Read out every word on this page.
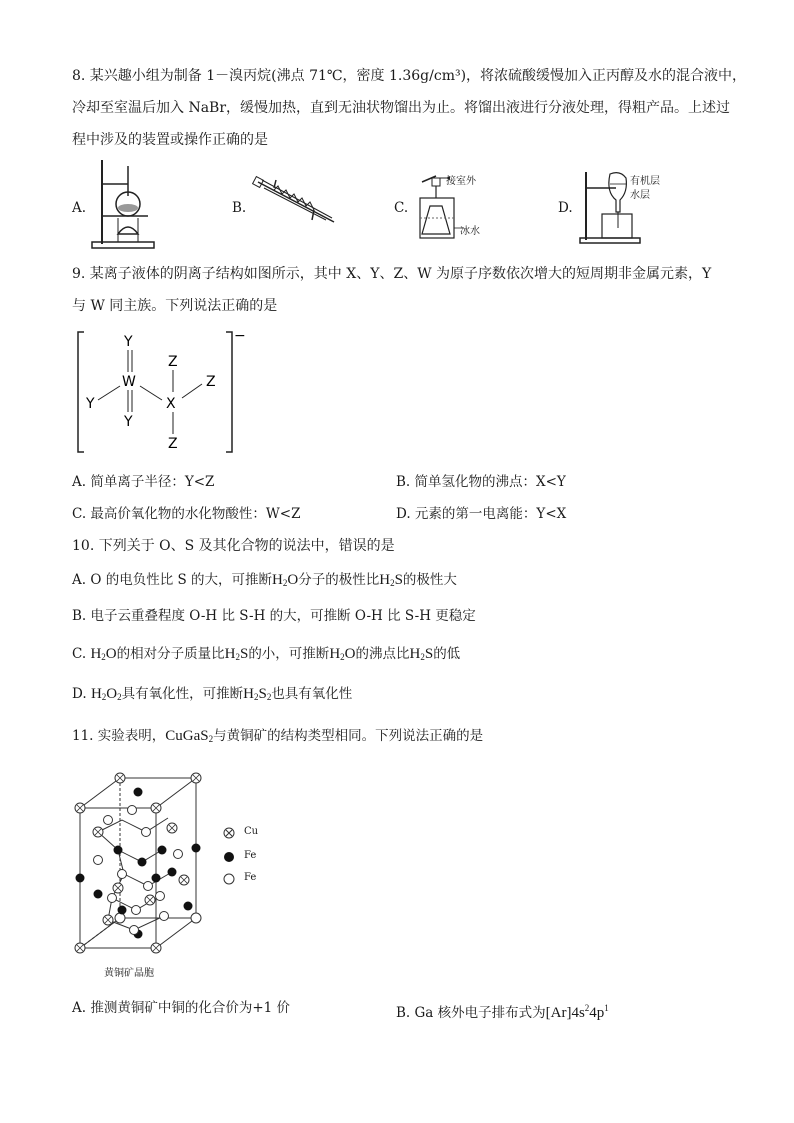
8. 某兴趣小组为制备 1－溴丙烷(沸点 71℃，密度 1.36g/cm³)，将浓硫酸缓慢加入正丙醇及水的混合液中，
冷却至室温后加入 NaBr，缓慢加热，直到无油状物馏出为止。将馏出液进行分液处理，得粗产品。上述过
程中涉及的装置或操作正确的是
A.	B.	C.
接室外
冰水
D.
有机层
水层
9. 某离子液体的阴离子结构如图所示，其中 X、Y、Z、W 为原子序数依次增大的短周期非金属元素，Y
与 W 同主族。下列说法正确的是
−
Y
W
Y
Y	X
Z
Z
Z
A. 简单离子半径：Y<Z	B. 简单氢化物的沸点：X<Y
C. 最高价氧化物的水化物酸性：W<Z	D. 元素的第一电离能：Y<X
10. 下列关于 O、S 及其化合物的说法中，错误的是
A. O 的电负性比 S 的大，可推断$H_2O$分子的极性比$H_2S$的极性大
B. 电子云重叠程度 O-H 比 S-H 的大，可推断 O-H 比 S-H 更稳定
C. $H_2O$的相对分子质量比$H_2S$的小，可推断$H_2O$的沸点比$H_2S$的低
D. $H_2O_2$具有氧化性，可推断$H_2S_2$也具有氧化性
11. 实验表明，CuGaS$_2$与黄铜矿的结构类型相同。下列说法正确的是
Cu
Fe
Fe
黄铜矿晶胞
A. 推测黄铜矿中铜的化合价为+1 价	B. Ga 核外电子排布式为$[Ar]4s^24p^1$
